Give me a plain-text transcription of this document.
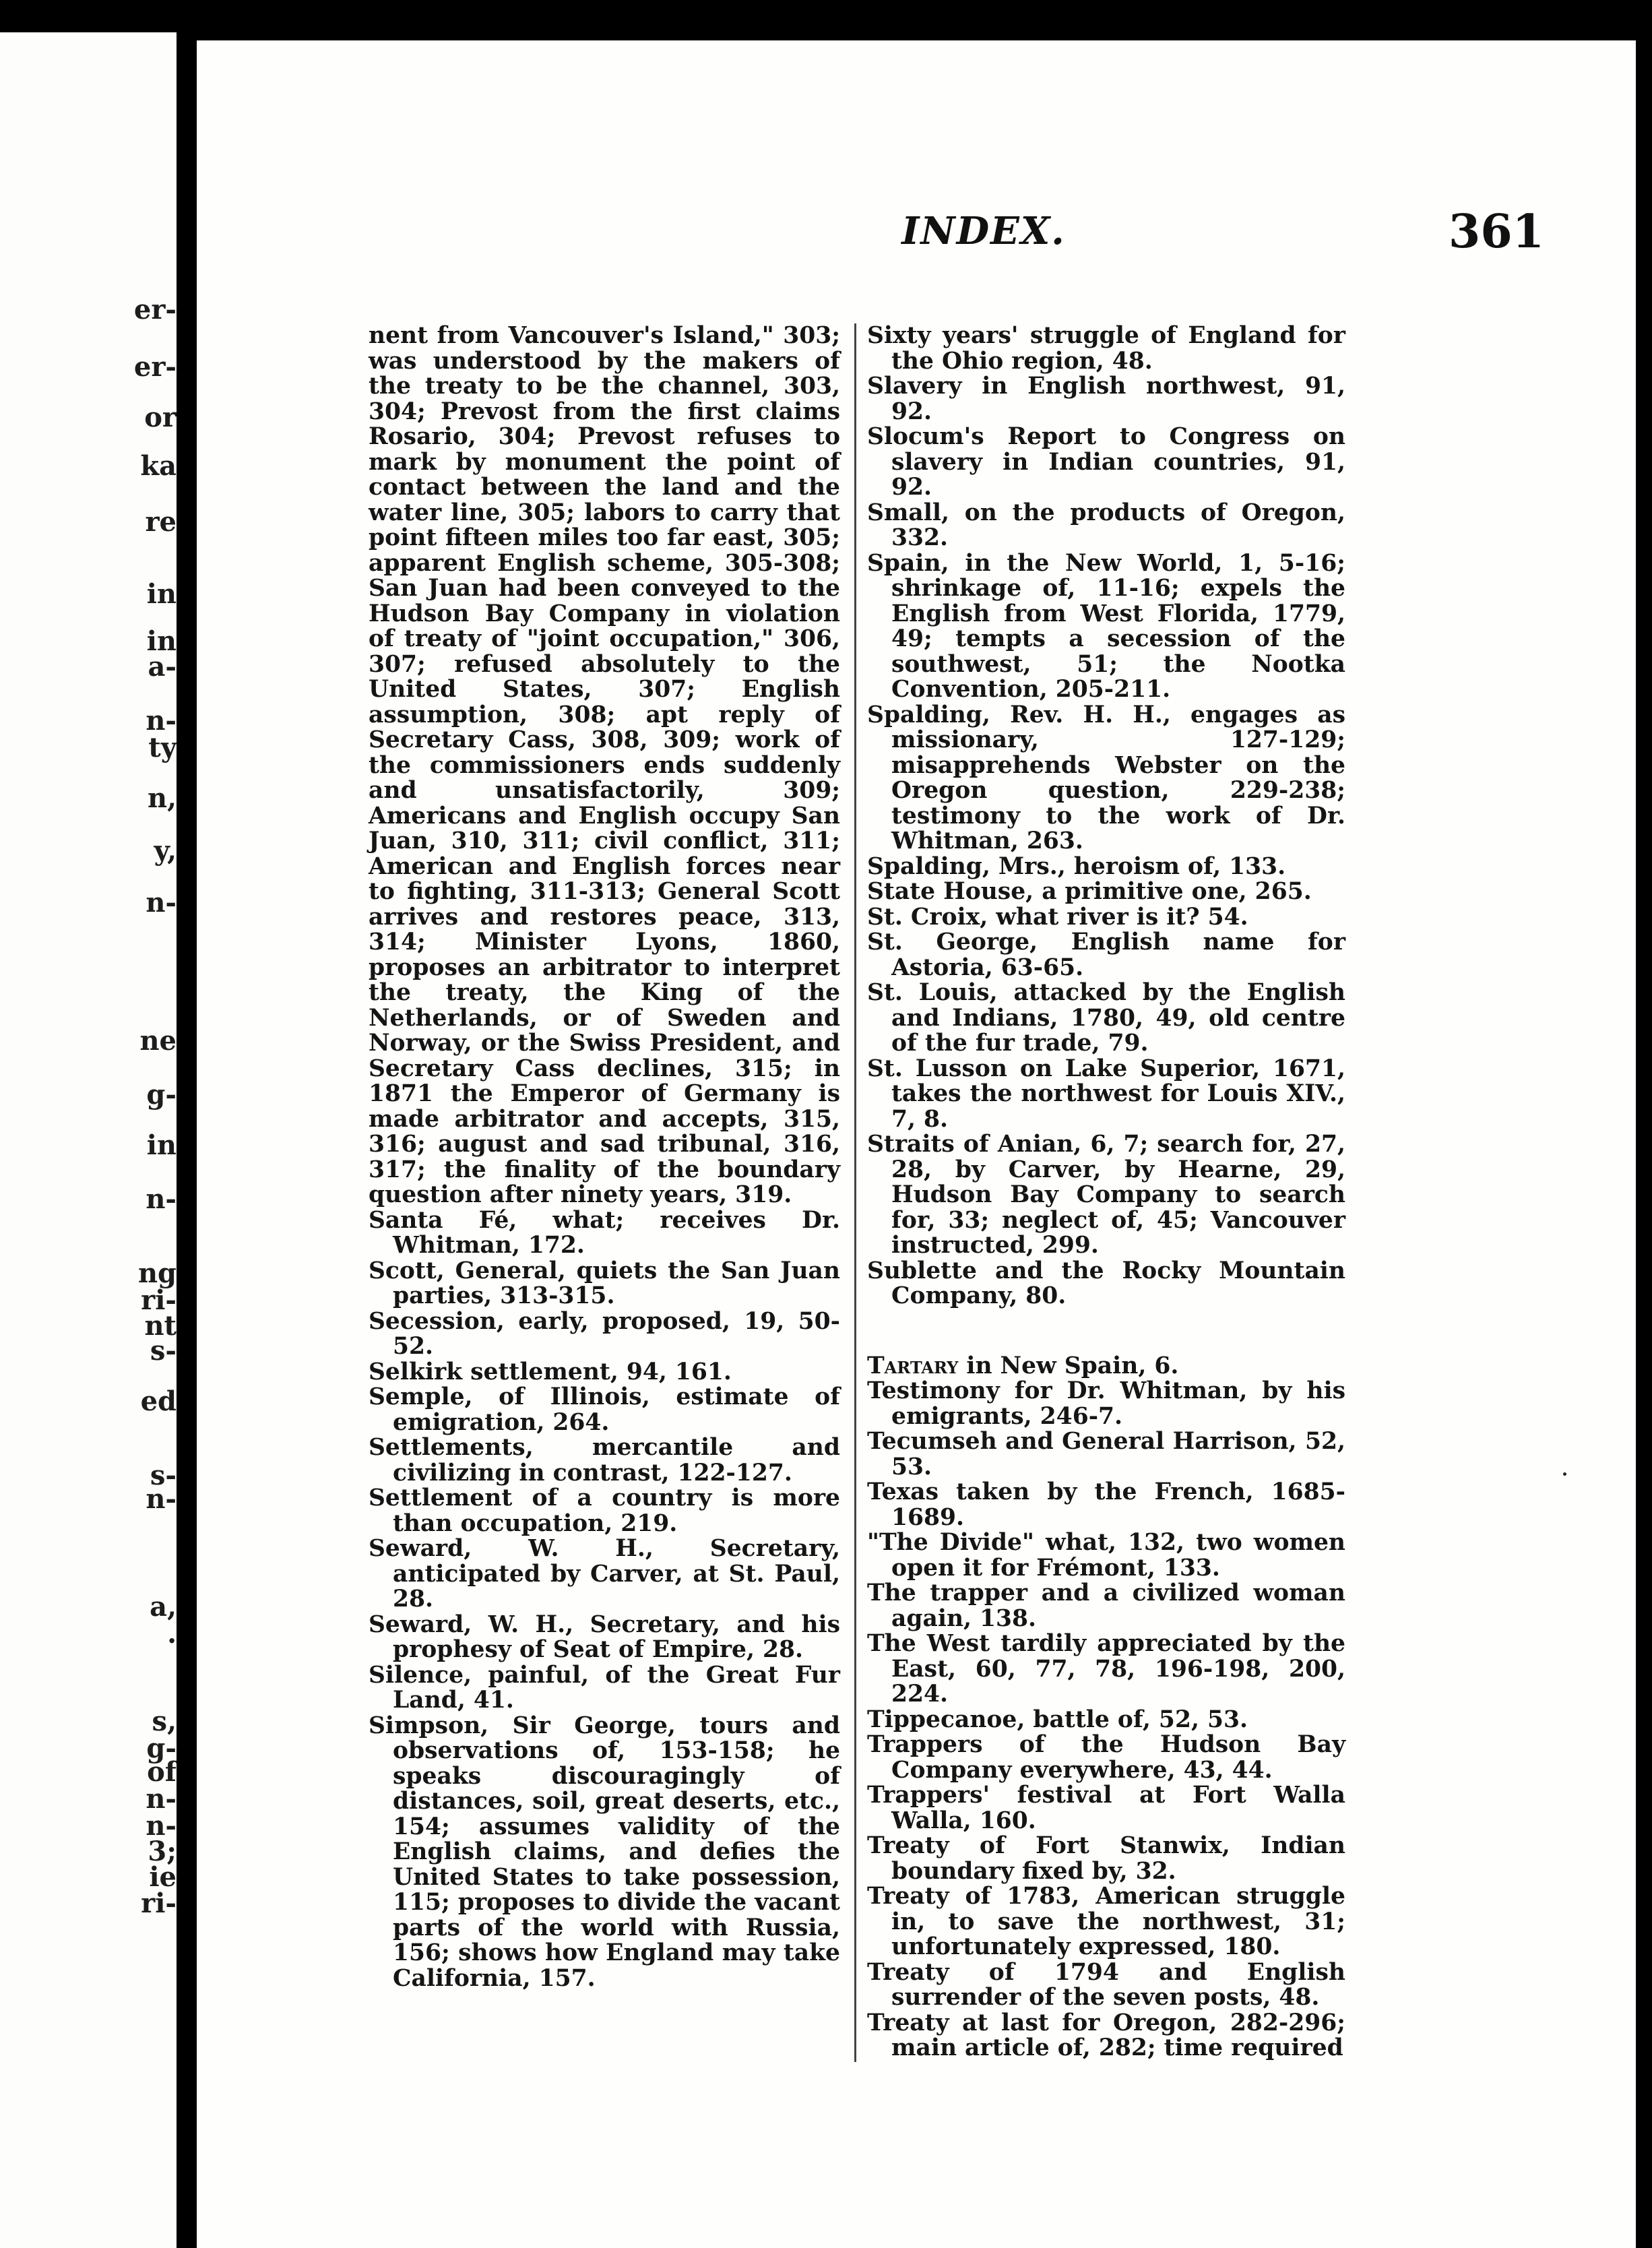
er-
er-
or
ka
re
in
in
a-
n-
ty
n,
y,
n-
ne
g-
in
n-
ng
ri-
nt
s-
ed
s-
n-
a,
.
s,
g-
of
n-
n-
3;
ie
ri-
INDEX.	361
nent from Vancouver's Island," 303; was understood by the makers of the treaty to be the channel, 303, 304; Prevost from the first claims Rosario, 304; Prevost refuses to mark by monument the point of contact between the land and the water line, 305; labors to carry that point fifteen miles too far east, 305; apparent English scheme, 305-308; San Juan had been conveyed to the Hudson Bay Company in violation of treaty of "joint occupation," 306, 307; refused absolutely to the United States, 307; English assumption, 308; apt reply of Secretary Cass, 308, 309; work of the commissioners ends suddenly and unsatisfactorily, 309; Americans and English occupy San Juan, 310, 311; civil conflict, 311; American and English forces near to fighting, 311-313; General Scott arrives and restores peace, 313, 314; Minister Lyons, 1860, proposes an arbitrator to interpret the treaty, the King of the Netherlands, or of Sweden and Norway, or the Swiss President, and Secretary Cass declines, 315; in 1871 the Emperor of Germany is made arbitrator and accepts, 315, 316; august and sad tribunal, 316, 317; the finality of the boundary question after ninety years, 319.
Santa Fé, what; receives Dr. Whitman, 172.
Scott, General, quiets the San Juan parties, 313-315.
Secession, early, proposed, 19, 50-52.
Selkirk settlement, 94, 161.
Semple, of Illinois, estimate of emigration, 264.
Settlements, mercantile and civilizing in contrast, 122-127.
Settlement of a country is more than occupation, 219.
Seward, W. H., Secretary, anticipated by Carver, at St. Paul, 28.
Seward, W. H., Secretary, and his prophesy of Seat of Empire, 28.
Silence, painful, of the Great Fur Land, 41.
Simpson, Sir George, tours and observations of, 153-158; he speaks discouragingly of distances, soil, great deserts, etc., 154; assumes validity of the English claims, and defies the United States to take possession, 115; proposes to divide the vacant parts of the world with Russia, 156; shows how England may take California, 157.
Sixty years' struggle of England for the Ohio region, 48.
Slavery in English northwest, 91, 92.
Slocum's Report to Congress on slavery in Indian countries, 91, 92.
Small, on the products of Oregon, 332.
Spain, in the New World, 1, 5-16; shrinkage of, 11-16; expels the English from West Florida, 1779, 49; tempts a secession of the southwest, 51; the Nootka Convention, 205-211.
Spalding, Rev. H. H., engages as missionary, 127-129; misapprehends Webster on the Oregon question, 229-238; testimony to the work of Dr. Whitman, 263.
Spalding, Mrs., heroism of, 133.
State House, a primitive one, 265.
St. Croix, what river is it? 54.
St. George, English name for Astoria, 63-65.
St. Louis, attacked by the English and Indians, 1780, 49, old centre of the fur trade, 79.
St. Lusson on Lake Superior, 1671, takes the northwest for Louis XIV., 7, 8.
Straits of Anian, 6, 7; search for, 27, 28, by Carver, by Hearne, 29, Hudson Bay Company to search for, 33; neglect of, 45; Vancouver instructed, 299.
Sublette and the Rocky Mountain Company, 80.
Tartary in New Spain, 6.
Testimony for Dr. Whitman, by his emigrants, 246-7.
Tecumseh and General Harrison, 52, 53.
Texas taken by the French, 1685-1689.
"The Divide" what, 132, two women open it for Frémont, 133.
The trapper and a civilized woman again, 138.
The West tardily appreciated by the East, 60, 77, 78, 196-198, 200, 224.
Tippecanoe, battle of, 52, 53.
Trappers of the Hudson Bay Company everywhere, 43, 44.
Trappers' festival at Fort Walla Walla, 160.
Treaty of Fort Stanwix, Indian boundary fixed by, 32.
Treaty of 1783, American struggle in, to save the northwest, 31; unfortunately expressed, 180.
Treaty of 1794 and English surrender of the seven posts, 48.
Treaty at last for Oregon, 282-296; main article of, 282; time required
